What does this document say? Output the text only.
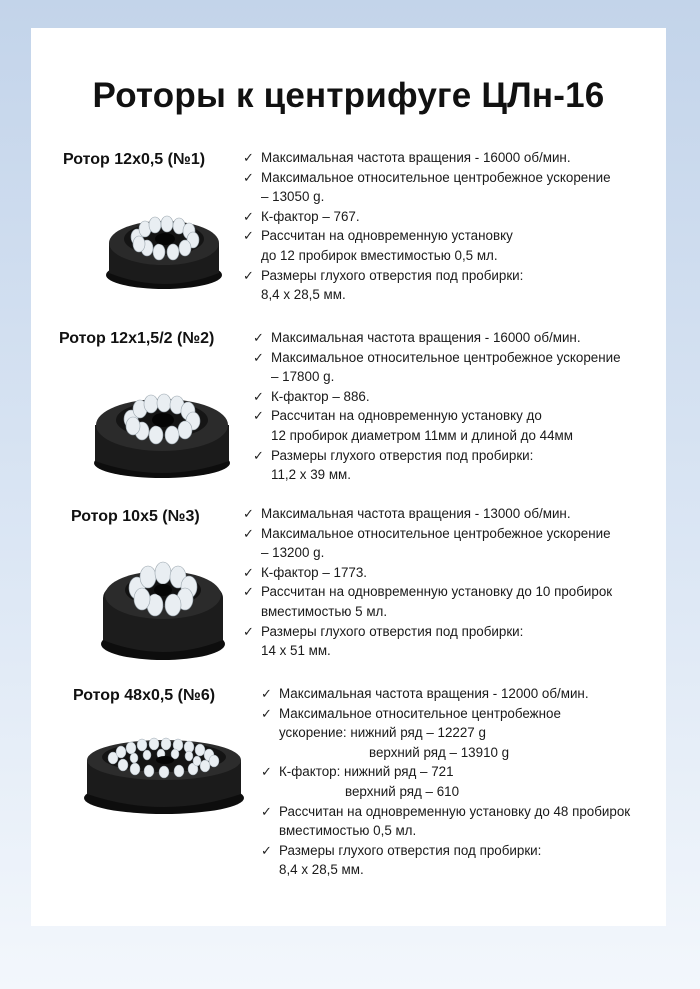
Роторы к центрифуге ЦЛн-16
Ротор 12х0,5 (№1)	✓ Максимальная частота вращения - 16000 об/мин.
✓ Максимальное относительное центробежное ускорение
– 13050 g.
✓ К-фактор – 767.
✓ Рассчитан на одновременную установку
до 12 пробирок вместимостью 0,5 мл.
✓ Размеры глухого отверстия под пробирки:
8,4 х 28,5 мм.
Ротор 12х1,5/2 (№2)	✓ Максимальная частота вращения - 16000 об/мин.
✓ Максимальное относительное центробежное ускорение
– 17800 g.
✓ К-фактор – 886.
✓ Рассчитан на одновременную установку до
12 пробирок диаметром 11мм и длиной до 44мм
✓ Размеры глухого отверстия под пробирки:
11,2 х 39 мм.
Ротор 10х5 (№3)	✓ Максимальная частота вращения - 13000 об/мин.
✓ Максимальное относительное центробежное ускорение
– 13200 g.
✓ К-фактор – 1773.
✓ Рассчитан на одновременную установку до 10 пробирок
вместимостью 5 мл.
✓ Размеры глухого отверстия под пробирки:
14 х 51 мм.
Ротор 48х0,5 (№6)	✓ Максимальная частота вращения - 12000 об/мин.
✓ Максимальное относительное центробежное
ускорение: нижний ряд – 12227 g
верхний ряд – 13910 g
✓ К-фактор: нижний ряд – 721
верхний ряд – 610
✓ Рассчитан на одновременную установку до 48 пробирок
вместимостью 0,5 мл.
✓ Размеры глухого отверстия под пробирки:
8,4 х 28,5 мм.
